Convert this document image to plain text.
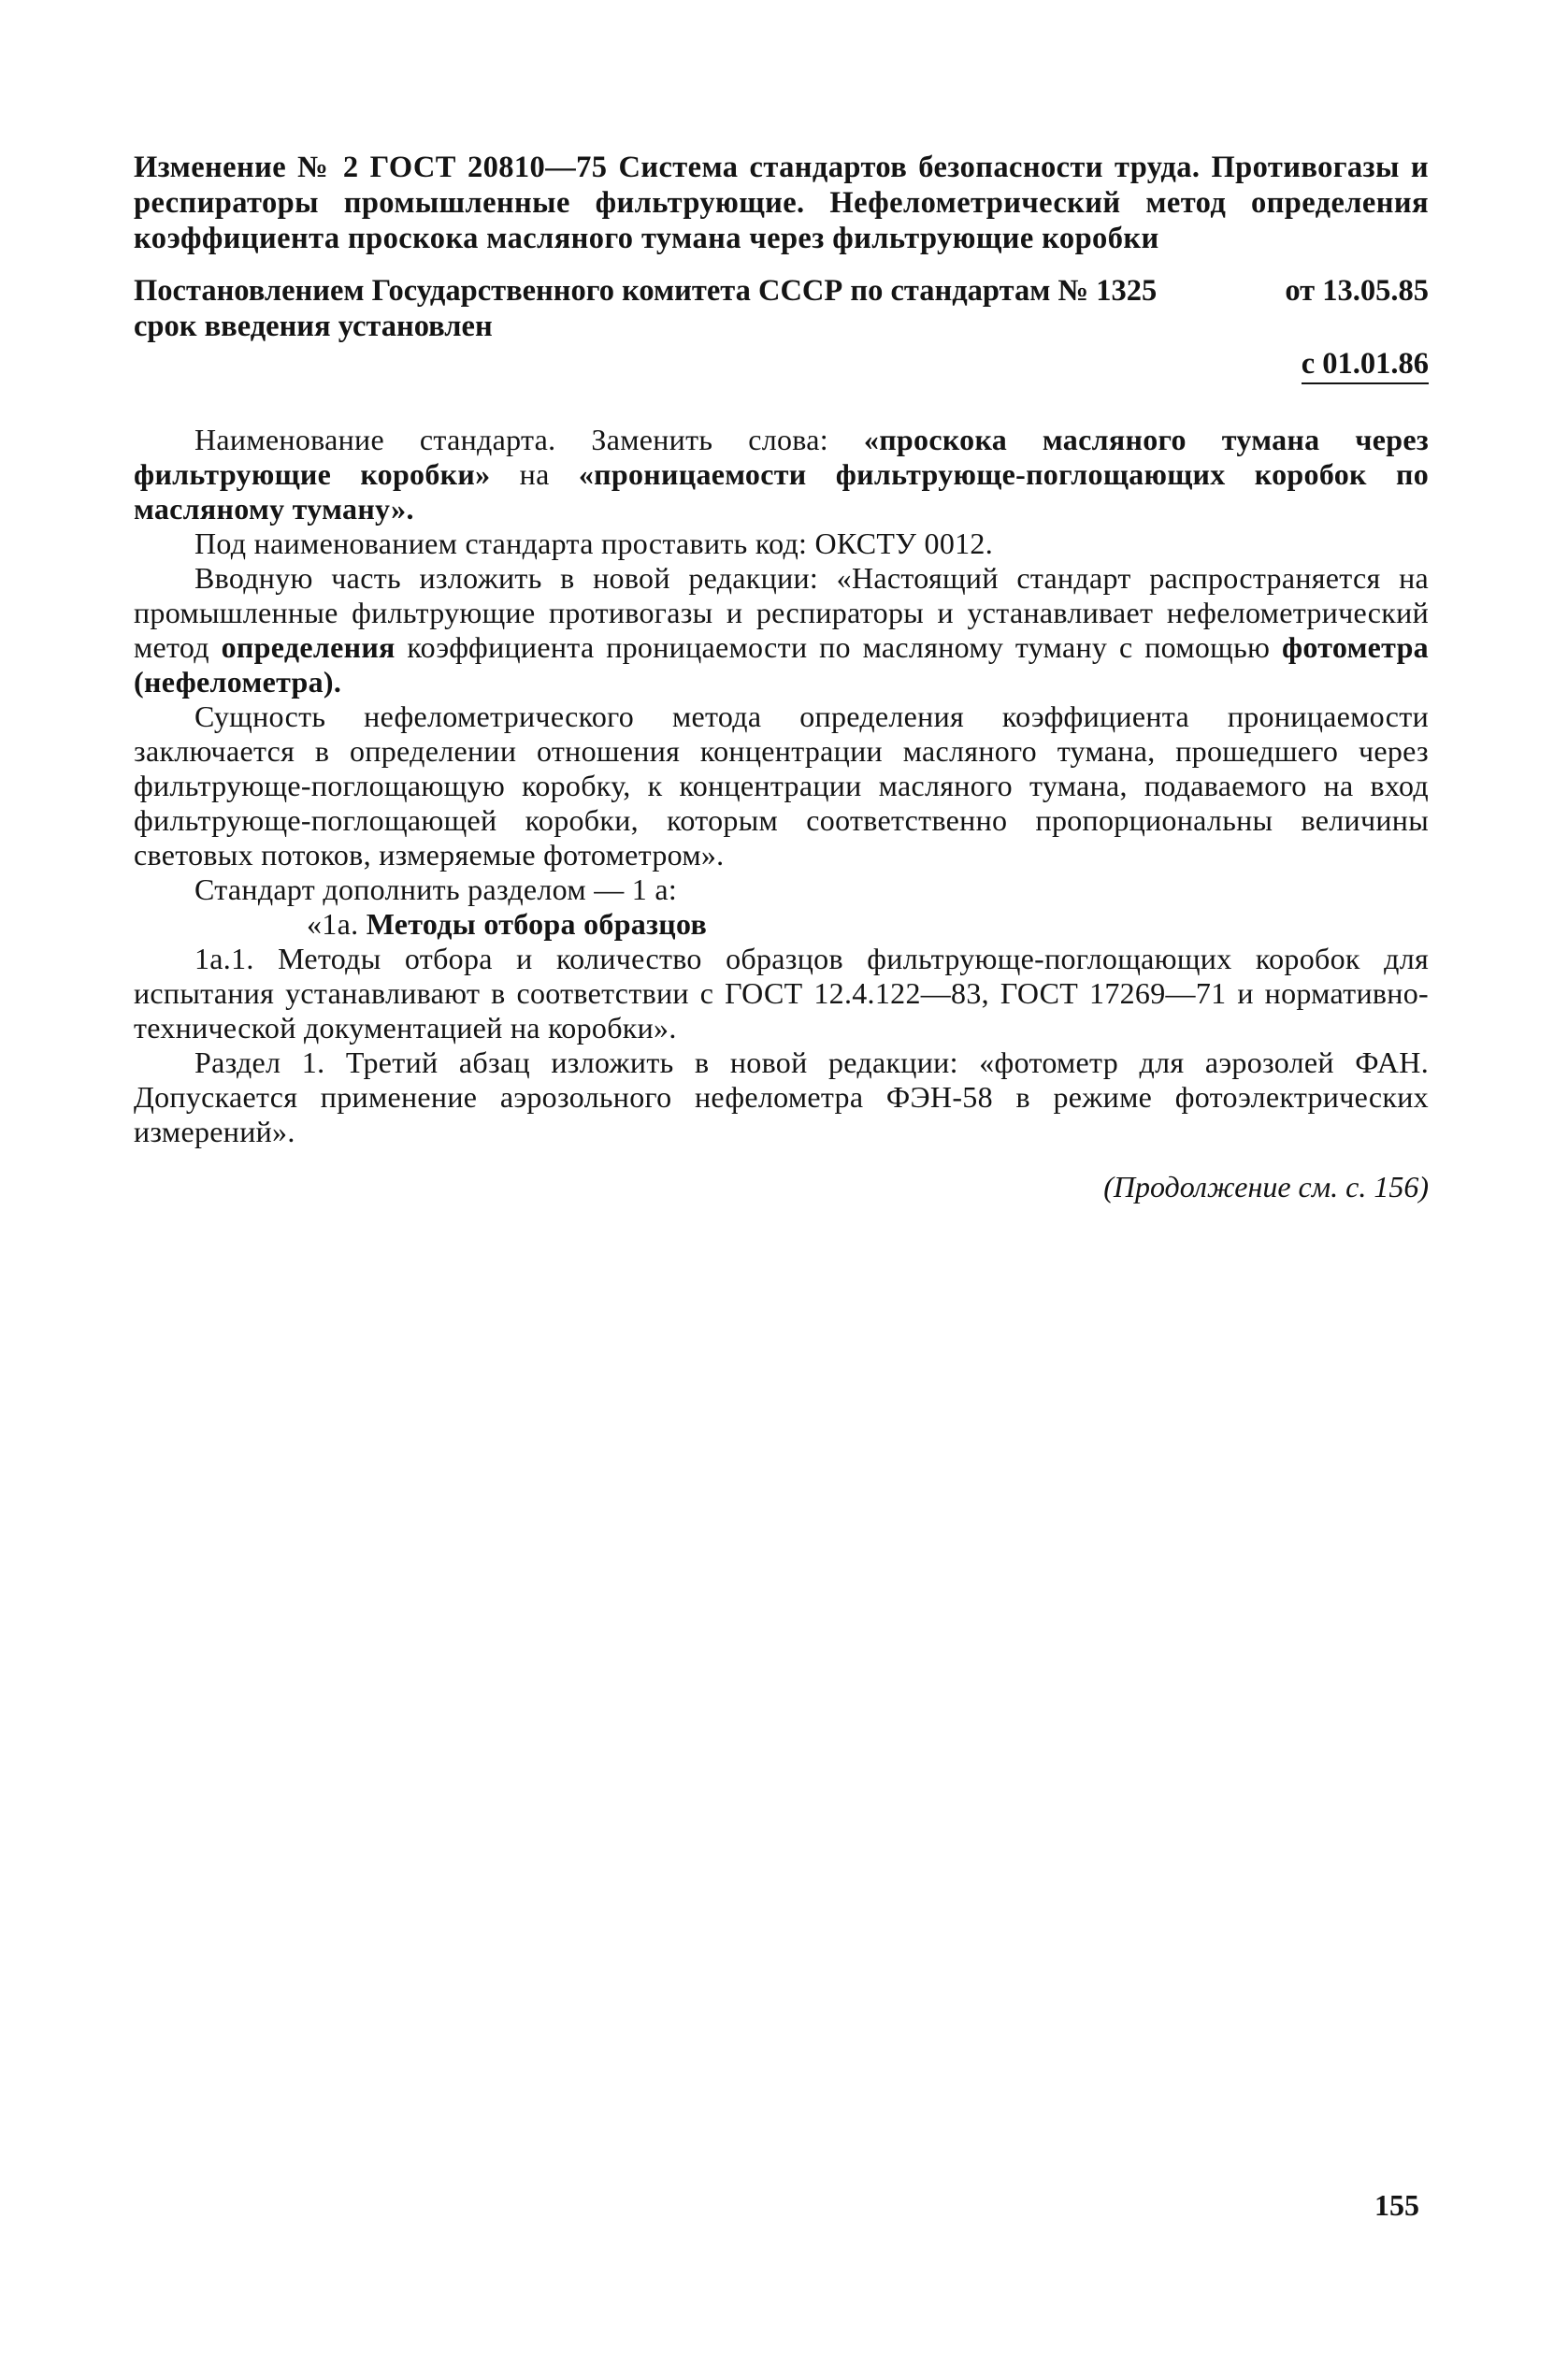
Изменение № 2 ГОСТ 20810—75 Система стандартов безопасности труда. Противогазы и респираторы промышленные фильтрующие. Нефелометрический метод определения коэффициента проскока масляного тумана через фильтрующие коробки
Постановлением Государственного комитета СССР по стандартам № 1325 срок введения установлен
от 13.05.85
с 01.01.86

Наименование стандарта. Заменить слова: «проскока масляного тумана через фильтрующие коробки» на «проницаемости фильтрующе-поглощающих коробок по масляному туману».

Под наименованием стандарта проставить код: ОКСТУ 0012.

Вводную часть изложить в новой редакции: «Настоящий стандарт распространяется на промышленные фильтрующие противогазы и респираторы и устанавливает нефелометрический метод определения коэффициента проницаемости по масляному туману с помощью фотометра (нефелометра).

Сущность нефелометрического метода определения коэффициента проницаемости заключается в определении отношения концентрации масляного тумана, прошедшего через фильтрующе-поглощающую коробку, к концентрации масляного тумана, подаваемого на вход фильтрующе-поглощающей коробки, которым соответственно пропорциональны величины световых потоков, измеряемые фотометром».

Стандарт дополнить разделом — 1 а:

«1а. Методы отбора образцов

1а.1. Методы отбора и количество образцов фильтрующе-поглощающих коробок для испытания устанавливают в соответствии с ГОСТ 12.4.122—83, ГОСТ 17269—71 и нормативно-технической документацией на коробки».

Раздел 1. Третий абзац изложить в новой редакции: «фотометр для аэрозолей ФАН. Допускается применение аэрозольного нефелометра ФЭН-58 в режиме фотоэлектрических измерений».

(Продолжение см. с. 156)
155
